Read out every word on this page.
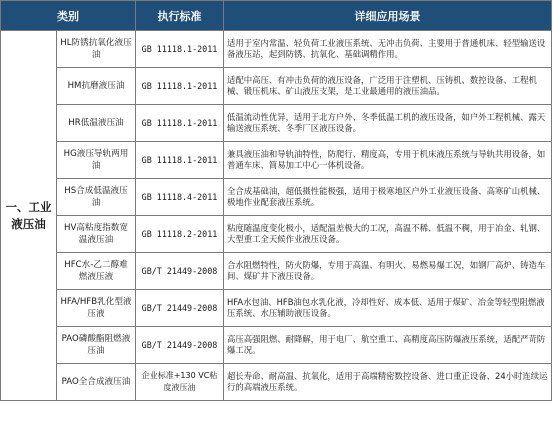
类别		执行标准	详细应用场景
一、工业
液压油	HL防锈抗氧化液压油	GB 11118.1-2011	适用于室内常温、轻负荷工业液压系统、无冲击负荷、主要用于普通机床、轻型输送设备液压站，起到防锈、抗氧化、基础调精作用。
	HM抗磨液压油	GB 11118.1-2011	适配中高压、有冲击负荷的液压设备，广泛用于注塑机、压铸机、数控设备、工程机械、锻压机床、矿山液压支架，是工业最通用的液压油品。
	HR低温液压油	GB 11118.1-2011	低温流动性优异，适用于北方户外、冬季低温工机的液压设备，如户外工程机械、露天输送液压系统、冬季厂区液压设备。
	HG液压导轨两用油	GB 11118.1-2011	兼具液压油和导轨油特性，防爬行、精度高，专用于机床液压系统与导轨共用设备，如普通车床、简易加工中心一体机设备。
	HS合成低温液压油	GB 11118.4-2011	全合成基础油，超低摄性能极强，适用于极寒地区户外工业液压设备、高寒矿山机械、极地作业配套液压系统。
	HV高粘度指数宽温液压油	GB 11118.2-2011	粘度随温度变化极小，适配温差极大的工况，高温不稀、低温不稠，用于冶金、轧钢、大型重工全天候作业液压设备。
	HFC水-乙二醇难燃液压液	GB/T 21449-2008	合水阻燃特性，防火防爆，专用于高温、有明火、易燃易爆工况，如钢厂高炉、铸造车间、煤矿井下液压设备。
	HFA/HFB乳化型液压液	GB/T 21449-2008	HFA水包油、HFB油包水乳化液，冷却性好、成本低、适用于煤矿、冶金等轻型阻燃液压系统、水压辅助液压设备。
	PAO磷酸酯阻燃液压油	GB/T 21449-2008	高压高强阻燃、耐降解，用于电厂、航空重工、高精度高压防爆液压系统，适配严苛防爆工况。
	PAO全合成液压油	企业标准+130 VC粘度液压油	超长寿命、耐高温、抗氧化，适用于高端精密数控设备、进口重正设备、24小时连续运行的高端液压系统。
